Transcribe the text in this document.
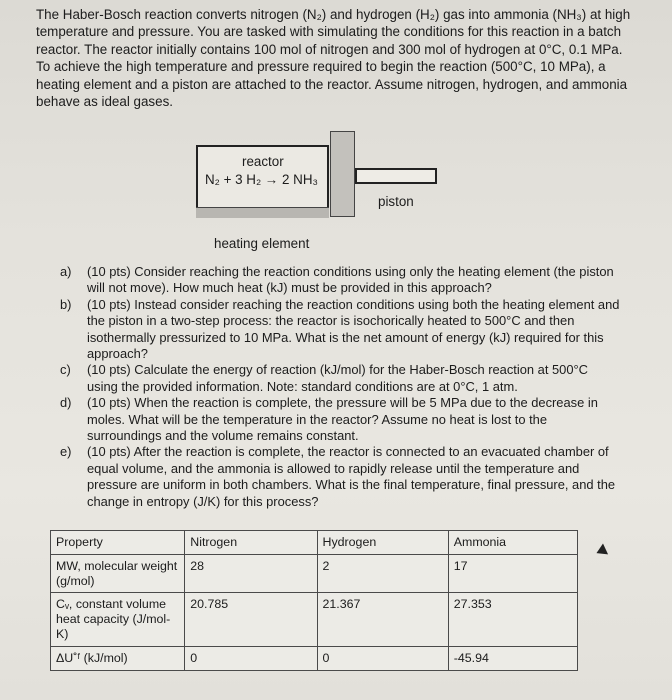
The Haber-Bosch reaction converts nitrogen (N₂) and hydrogen (H₂) gas into ammonia (NH₃) at high temperature and pressure. You are tasked with simulating the conditions for this reaction in a batch reactor. The reactor initially contains 100 mol of nitrogen and 300 mol of hydrogen at 0°C, 0.1 MPa. To achieve the high temperature and pressure required to begin the reaction (500°C, 10 MPa), a heating element and a piston are attached to the reactor. Assume nitrogen, hydrogen, and ammonia behave as ideal gases.
reactor
N₂ + 3 H₂ → 2 NH₃
piston
heating element
a)	(10 pts) Consider reaching the reaction conditions using only the heating element (the piston will not move). How much heat (kJ) must be provided in this approach?
b)	(10 pts) Instead consider reaching the reaction conditions using both the heating element and the piston in a two-step process: the reactor is isochorically heated to 500°C and then isothermally pressurized to 10 MPa. What is the net amount of energy (kJ) required for this approach?
c)	(10 pts) Calculate the energy of reaction (kJ/mol) for the Haber-Bosch reaction at 500°C using the provided information. Note: standard conditions are at 0°C, 1 atm.
d)	(10 pts) When the reaction is complete, the pressure will be 5 MPa due to the decrease in moles. What will be the temperature in the reactor? Assume no heat is lost to the surroundings and the volume remains constant.
e)	(10 pts) After the reaction is complete, the reactor is connected to an evacuated chamber of equal volume, and the ammonia is allowed to rapidly release until the temperature and pressure are uniform in both chambers. What is the final temperature, final pressure, and the change in entropy (J/K) for this process?
Property	Nitrogen	Hydrogen	Ammonia
MW, molecular weight (g/mol)	28	2	17
Cᵥ, constant volume heat capacity (J/mol-K)	20.785	21.367	27.353
ΔU˚ᶠ (kJ/mol)	0	0	-45.94
